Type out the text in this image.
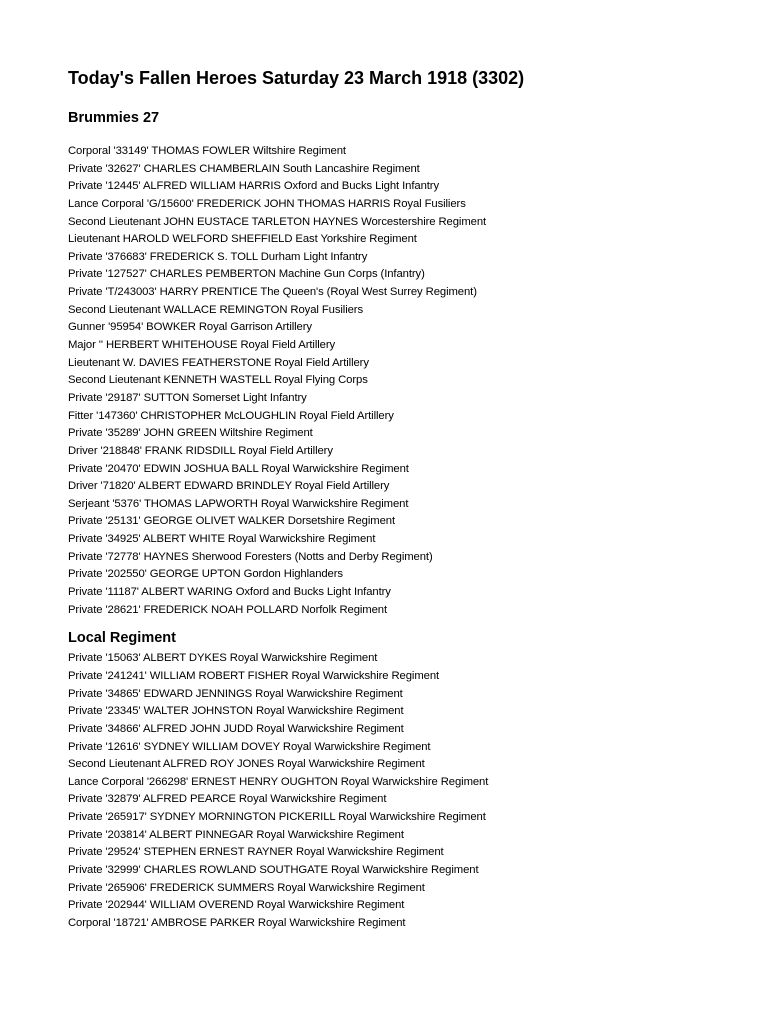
Today's Fallen Heroes Saturday 23 March 1918 (3302)
Brummies 27
Corporal '33149' THOMAS FOWLER Wiltshire Regiment
Private '32627' CHARLES CHAMBERLAIN South Lancashire Regiment
Private '12445' ALFRED WILLIAM HARRIS Oxford and Bucks Light Infantry
Lance Corporal 'G/15600' FREDERICK JOHN THOMAS HARRIS Royal Fusiliers
Second Lieutenant JOHN EUSTACE TARLETON HAYNES Worcestershire Regiment
Lieutenant HAROLD WELFORD SHEFFIELD East Yorkshire Regiment
Private '376683' FREDERICK S. TOLL Durham Light Infantry
Private '127527' CHARLES PEMBERTON Machine Gun Corps (Infantry)
Private 'T/243003' HARRY PRENTICE The Queen's (Royal West Surrey Regiment)
Second Lieutenant WALLACE REMINGTON Royal Fusiliers
Gunner '95954' BOWKER Royal Garrison Artillery
Major '' HERBERT WHITEHOUSE Royal Field Artillery
Lieutenant W. DAVIES FEATHERSTONE Royal Field Artillery
Second Lieutenant KENNETH WASTELL Royal Flying Corps
Private '29187' SUTTON Somerset Light Infantry
Fitter '147360' CHRISTOPHER McLOUGHLIN Royal Field Artillery
Private '35289' JOHN GREEN Wiltshire Regiment
Driver '218848' FRANK RIDSDILL Royal Field Artillery
Private '20470' EDWIN JOSHUA BALL Royal Warwickshire Regiment
Driver '71820' ALBERT EDWARD BRINDLEY Royal Field Artillery
Serjeant '5376' THOMAS LAPWORTH Royal Warwickshire Regiment
Private '25131' GEORGE OLIVET WALKER Dorsetshire Regiment
Private '34925' ALBERT WHITE Royal Warwickshire Regiment
Private '72778' HAYNES Sherwood Foresters (Notts and Derby Regiment)
Private '202550' GEORGE UPTON Gordon Highlanders
Private '11187' ALBERT WARING Oxford and Bucks Light Infantry
Private '28621' FREDERICK NOAH POLLARD Norfolk Regiment
Local Regiment
Private '15063' ALBERT DYKES Royal Warwickshire Regiment
Private '241241' WILLIAM ROBERT FISHER Royal Warwickshire Regiment
Private '34865' EDWARD JENNINGS Royal Warwickshire Regiment
Private '23345' WALTER JOHNSTON Royal Warwickshire Regiment
Private '34866' ALFRED JOHN JUDD Royal Warwickshire Regiment
Private '12616' SYDNEY WILLIAM DOVEY Royal Warwickshire Regiment
Second Lieutenant ALFRED ROY JONES Royal Warwickshire Regiment
Lance Corporal '266298' ERNEST HENRY OUGHTON Royal Warwickshire Regiment
Private '32879' ALFRED PEARCE Royal Warwickshire Regiment
Private '265917' SYDNEY MORNINGTON PICKERILL Royal Warwickshire Regiment
Private '203814' ALBERT PINNEGAR Royal Warwickshire Regiment
Private '29524' STEPHEN ERNEST RAYNER Royal Warwickshire Regiment
Private '32999' CHARLES ROWLAND SOUTHGATE Royal Warwickshire Regiment
Private '265906' FREDERICK SUMMERS Royal Warwickshire Regiment
Private '202944' WILLIAM OVEREND Royal Warwickshire Regiment
Corporal '18721' AMBROSE PARKER Royal Warwickshire Regiment
